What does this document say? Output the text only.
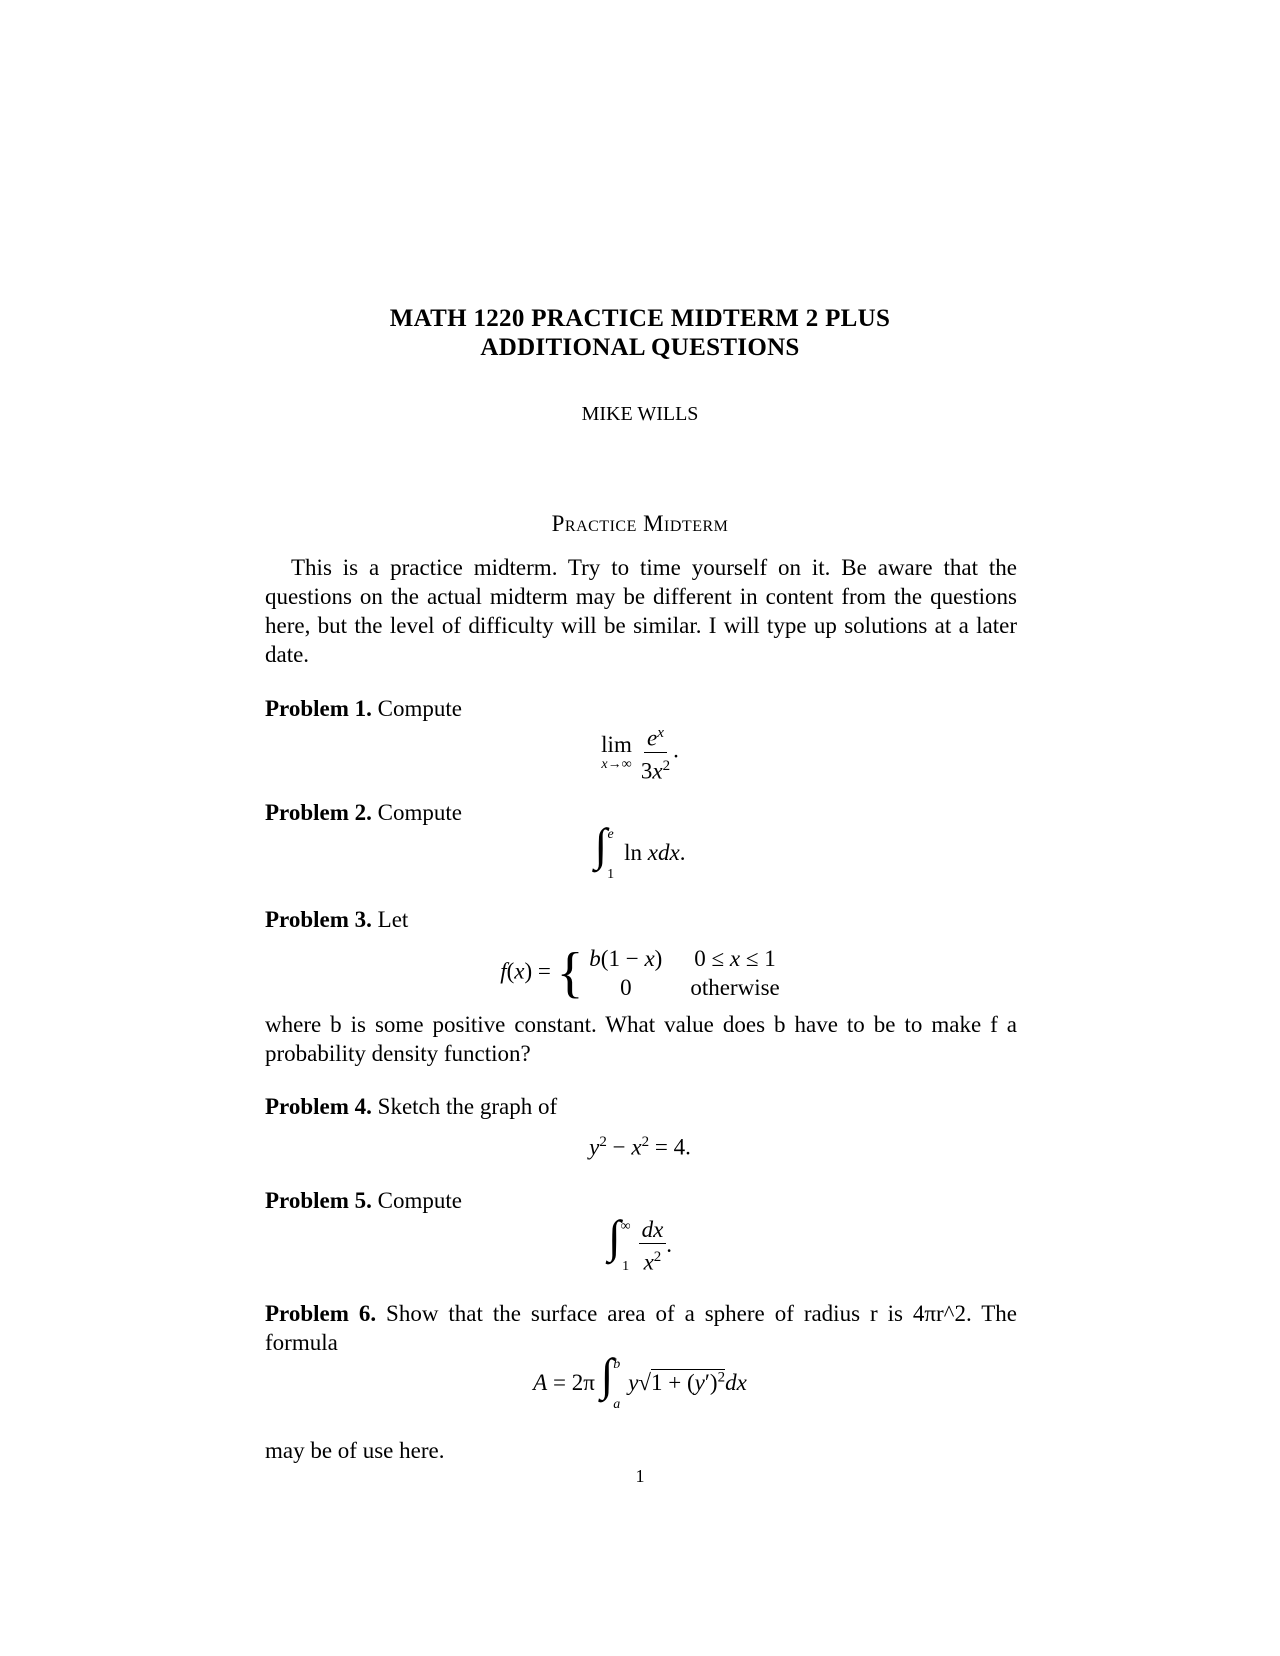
MATH 1220 PRACTICE MIDTERM 2 PLUS
ADDITIONAL QUESTIONS
MIKE WILLS
Practice Midterm
This is a practice midterm. Try to time yourself on it. Be aware that the questions on the actual midterm may be different in content from the questions here, but the level of difficulty will be similar. I will type up solutions at a later date.
Problem 1. Compute
lim
$x\to\infty \frac{e^x}{3x^2}$ .
Problem 2. Compute
∫ e
1
ln xdx.
Problem 3. Let
f(x) = { b(1 − x) 0 ≤ x ≤ 1
0	otherwise
where b is some positive constant. What value does b have to be to make f a probability density function?
Problem 4. Sketch the graph of
$y^2 - x^2 = 4$.
Problem 5. Compute
∫ ∞
$1 \frac{dx}{x^2}$ .
Problem 6. Show that the surface area of a sphere of radius r is 4πr^2. The formula
A = 2π ∫ b
a
$y√1 + (y')^2dx$
may be of use here.
1
